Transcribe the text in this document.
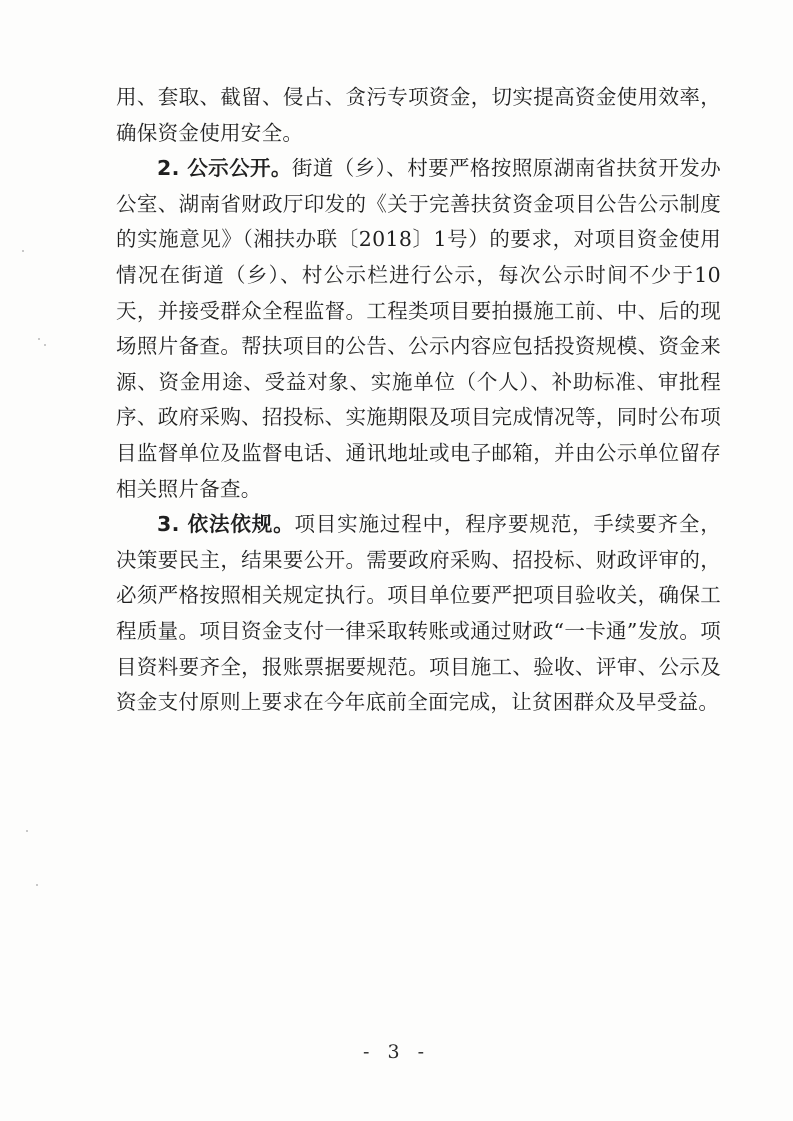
用、套取、截留、侵占、贪污专项资金，切实提高资金使用效率，确保资金使用安全。

2. 公示公开。街道（乡）、村要严格按照原湖南省扶贫开发办公室、湖南省财政厅印发的《关于完善扶贫资金项目公告公示制度的实施意见》（湘扶办联〔2018〕1号）的要求，对项目资金使用情况在街道（乡）、村公示栏进行公示，每次公示时间不少于10天，并接受群众全程监督。工程类项目要拍摄施工前、中、后的现场照片备查。帮扶项目的公告、公示内容应包括投资规模、资金来源、资金用途、受益对象、实施单位（个人）、补助标准、审批程序、政府采购、招投标、实施期限及项目完成情况等，同时公布项目监督单位及监督电话、通讯地址或电子邮箱，并由公示单位留存相关照片备查。

3. 依法依规。项目实施过程中，程序要规范，手续要齐全，决策要民主，结果要公开。需要政府采购、招投标、财政评审的，必须严格按照相关规定执行。项目单位要严把项目验收关，确保工程质量。项目资金支付一律采取转账或通过财政“一卡通”发放。项目资料要齐全，报账票据要规范。项目施工、验收、评审、公示及资金支付原则上要求在今年底前全面完成，让贫困群众及早受益。

- 3 -
